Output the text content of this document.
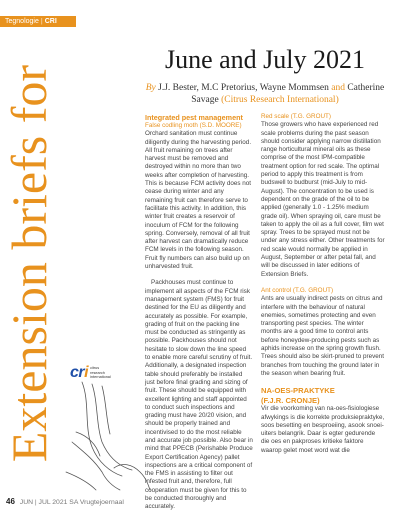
Tegnologie | CRI
Extension briefs for
June and July 2021
By J.J. Bester, M.C Pretorius, Wayne Mommsen and Catherine Savage (Citrus Research International)
Integrated pest management
False codling moth (S.D. MOORE)

Orchard sanitation must continue diligently during the harvesting period. All fruit remaining on trees after harvest must be removed and destroyed within no more than two weeks after completion of harvesting. This is because FCM activity does not cease during winter and any remaining fruit can therefore serve to facilitate this activity. In addition, this winter fruit creates a reservoir of inoculum of FCM for the following spring. Conversely, removal of all fruit after harvest can dramatically reduce FCM levels in the following season. Fruit fly numbers can also build up on unharvested fruit.

Packhouses must continue to implement all aspects of the FCM risk management system (FMS) for fruit destined for the EU as diligently and accurately as possible. For example, grading of fruit on the packing line must be conducted as stringently as possible. Packhouses should not hesitate to slow down the line speed to enable more careful scrutiny of fruit. Additionally, a designated inspection table should preferably be installed just before final grading and sizing of fruit. These should be equipped with excellent lighting and staff appointed to conduct such inspections and grading must have 20/20 vision, and should be properly trained and incentivised to do the most reliable and accurate job possible. Also bear in mind that PPECB (Perishable Produce Export Certification Agency) pallet inspections are a critical component of the FMS in assisting to filter out infested fruit and, therefore, full cooperation must be given for this to be conducted thoroughly and accurately.

Red scale (T.G. GROUT)

Those growers who have experienced red scale problems during the past season should consider applying narrow distillation range horticultural mineral oils as these comprise of the most IPM-compatible treatment option for red scale. The optimal period to apply this treatment is from budswell to budburst (mid-July to mid-August). The concentration to be used is dependent on the grade of the oil to be applied (generally 1.0 - 1.25% medium grade oil). When spraying oil, care must be taken to apply the oil as a full cover, film wet spray. Trees to be sprayed must not be under any stress either. Other treatments for red scale would normally be applied in August, September or after petal fall, and will be discussed in later editions of Extension Briefs.

Ant control (T.G. GROUT)

Ants are usually indirect pests on citrus and interfere with the behaviour of natural enemies, sometimes protecting and even transporting pest species. The winter months are a good time to control ants before honeydew-producing pests such as aphids increase on the spring growth flush. Trees should also be skirt-pruned to prevent branches from touching the ground later in the season when bearing fruit.

NA-OES-PRAKTYKE
(F.J.R. CRONJE)

Vir die voorkoming van na-oes-fisiologiese afwykings is die korrekte produksiepraktyke, soos besetting en besproeiing, asook snoei- uiters belangrik. Daar is egter gedurende die oes en pakproses kritieke faktore waarop gelet moet word wat die

cri citrus
research
international
46 JUN | JUL 2021 SA Vrugtejoernaal
